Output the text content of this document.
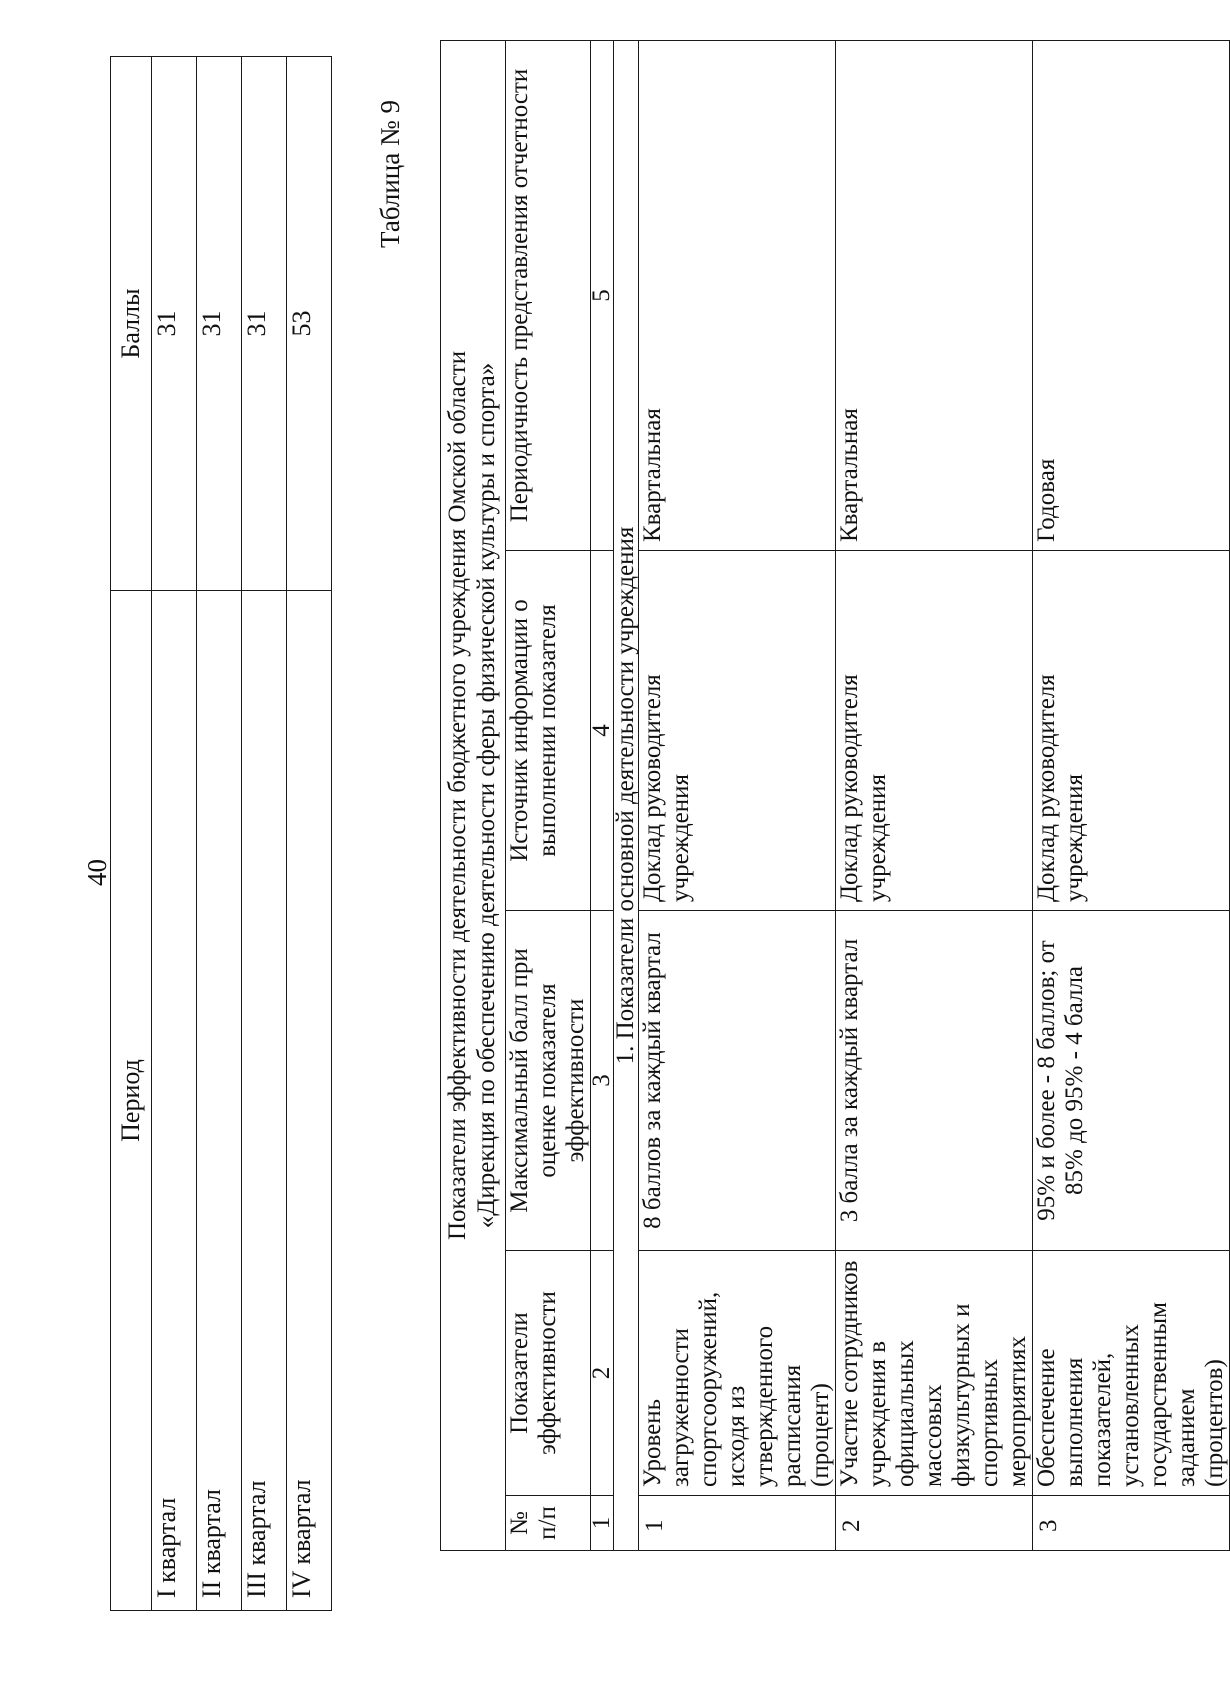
40
Период	Баллы
I квартал	31
II квартал	31
III квартал	31
IV квартал	53
Таблица № 9
Показатели эффективности деятельности бюджетного учреждения Омской области «Дирекция по обеспечению деятельности сферы физической культуры и спорта»				

№ п/п	Показатели эффективности	Максимальный балл при оценке показателя эффективности	Источник информации о выполнении показателя	Периодичность представления отчетности
1	2	3	4	5
1. Показатели основной деятельности учреждения				
1	Уровень загруженности спортсооружений, исходя из утвержденного расписания (процент)	8 баллов за каждый квартал	Доклад руководителя учреждения	Квартальная
2	Участие сотрудников учреждения в официальных массовых физкультурных и спортивных мероприятиях	3 балла за каждый квартал	Доклад руководителя учреждения	Квартальная
3	Обеспечение выполнения показателей, установленных государственным заданием (процентов)	95% и более - 8 баллов; от 85% до 95% - 4 балла	Доклад руководителя учреждения	Годовая
